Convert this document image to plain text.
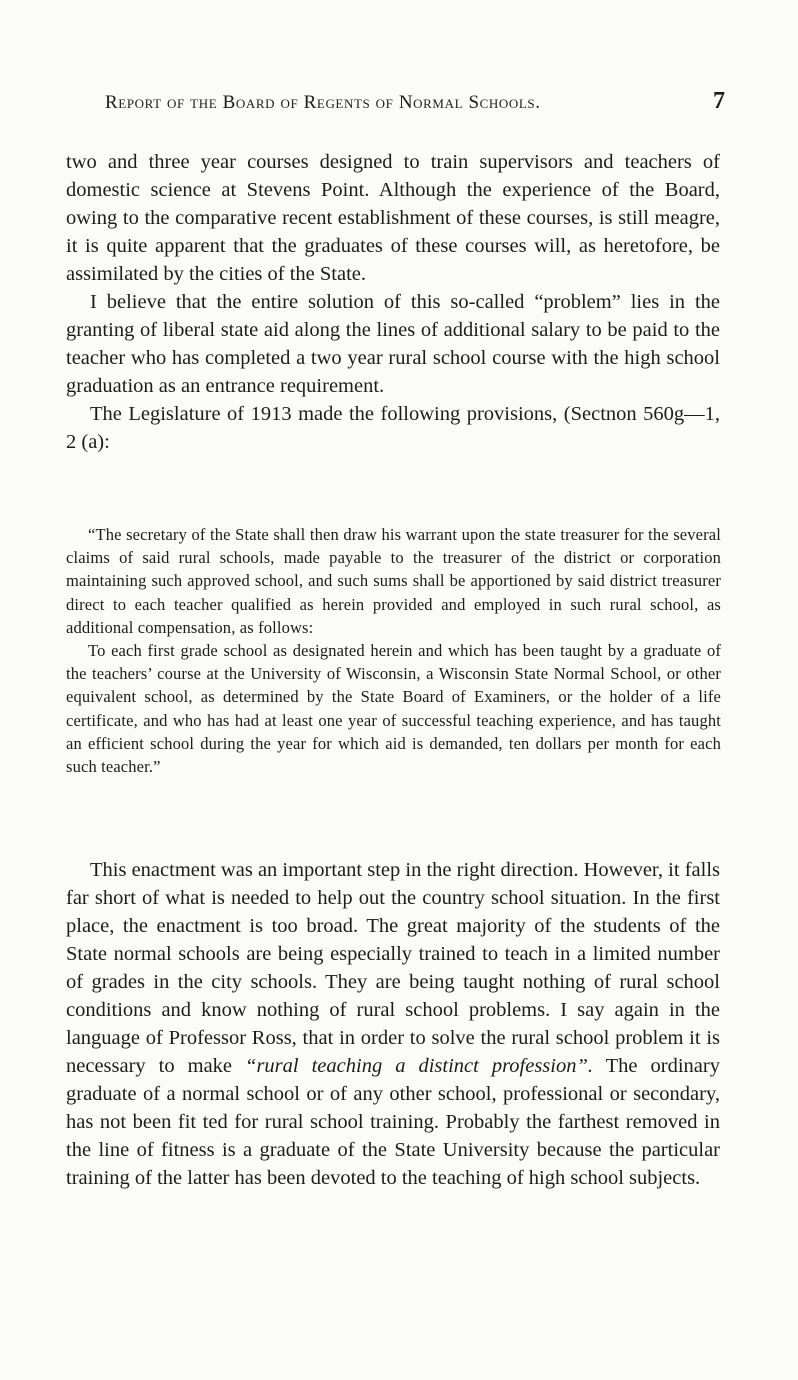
Report of the Board of Regents of Normal Schools.	7

two and three year courses designed to train supervisors and teachers of domestic science at Stevens Point. Although the experience of the Board, owing to the comparative recent establishment of these courses, is still meagre, it is quite apparent that the graduates of these courses will, as heretofore, be assimilated by the cities of the State.

I believe that the entire solution of this so-called “problem” lies in the granting of liberal state aid along the lines of additional salary to be paid to the teacher who has completed a two year rural school course with the high school graduation as an entrance requirement.

The Legislature of 1913 made the following provisions, (Sectnon 560g—1, 2 (a):

“The secretary of the State shall then draw his warrant upon the state treasurer for the several claims of said rural schools, made payable to the treasurer of the district or corporation maintaining such approved school, and such sums shall be apportioned by said district treasurer direct to each teacher qualified as herein provided and employed in such rural school, as additional compensation, as follows:

To each first grade school as designated herein and which has been taught by a graduate of the teachers’ course at the University of Wisconsin, a Wisconsin State Normal School, or other equivalent school, as determined by the State Board of Examiners, or the holder of a life certificate, and who has had at least one year of successful teaching experience, and has taught an efficient school during the year for which aid is demanded, ten dollars per month for each such teacher.”

This enactment was an important step in the right direction. However, it falls far short of what is needed to help out the country school situation. In the first place, the enactment is too broad. The great majority of the students of the State normal schools are being especially trained to teach in a limited number of grades in the city schools. They are being taught nothing of rural school conditions and know nothing of rural school problems. I say again in the language of Professor Ross, that in order to solve the rural school problem it is necessary to make “rural teaching a distinct profession”. The ordinary graduate of a normal school or of any other school, professional or secondary, has not been fit ted for rural school training. Probably the farthest removed in the line of fitness is a graduate of the State University because the particular training of the latter has been devoted to the teaching of high school subjects.
